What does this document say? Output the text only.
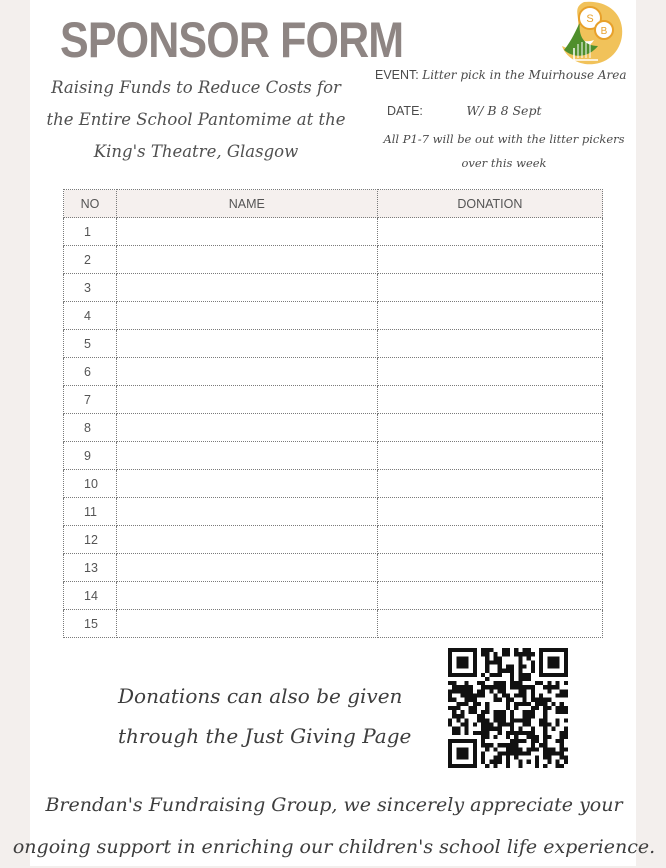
SPONSOR FORM	S
B
Raising Funds to Reduce Costs for
the Entire School Pantomime at the
King's Theatre, Glasgow
EVENT: Litter pick in the Muirhouse Area
DATE:	W/ B 8 Sept
All P1-7 will be out with the litter pickers
over this week
NO	NAME	DONATION
1		
2		
3		
4		
5		
6		
7		
8		
9		
10		
11		
12		
13		
14		
15		
Donations can also be given
through the Just Giving Page
Brendan's Fundraising Group, we sincerely appreciate your
ongoing support in enriching our children's school life experience.
